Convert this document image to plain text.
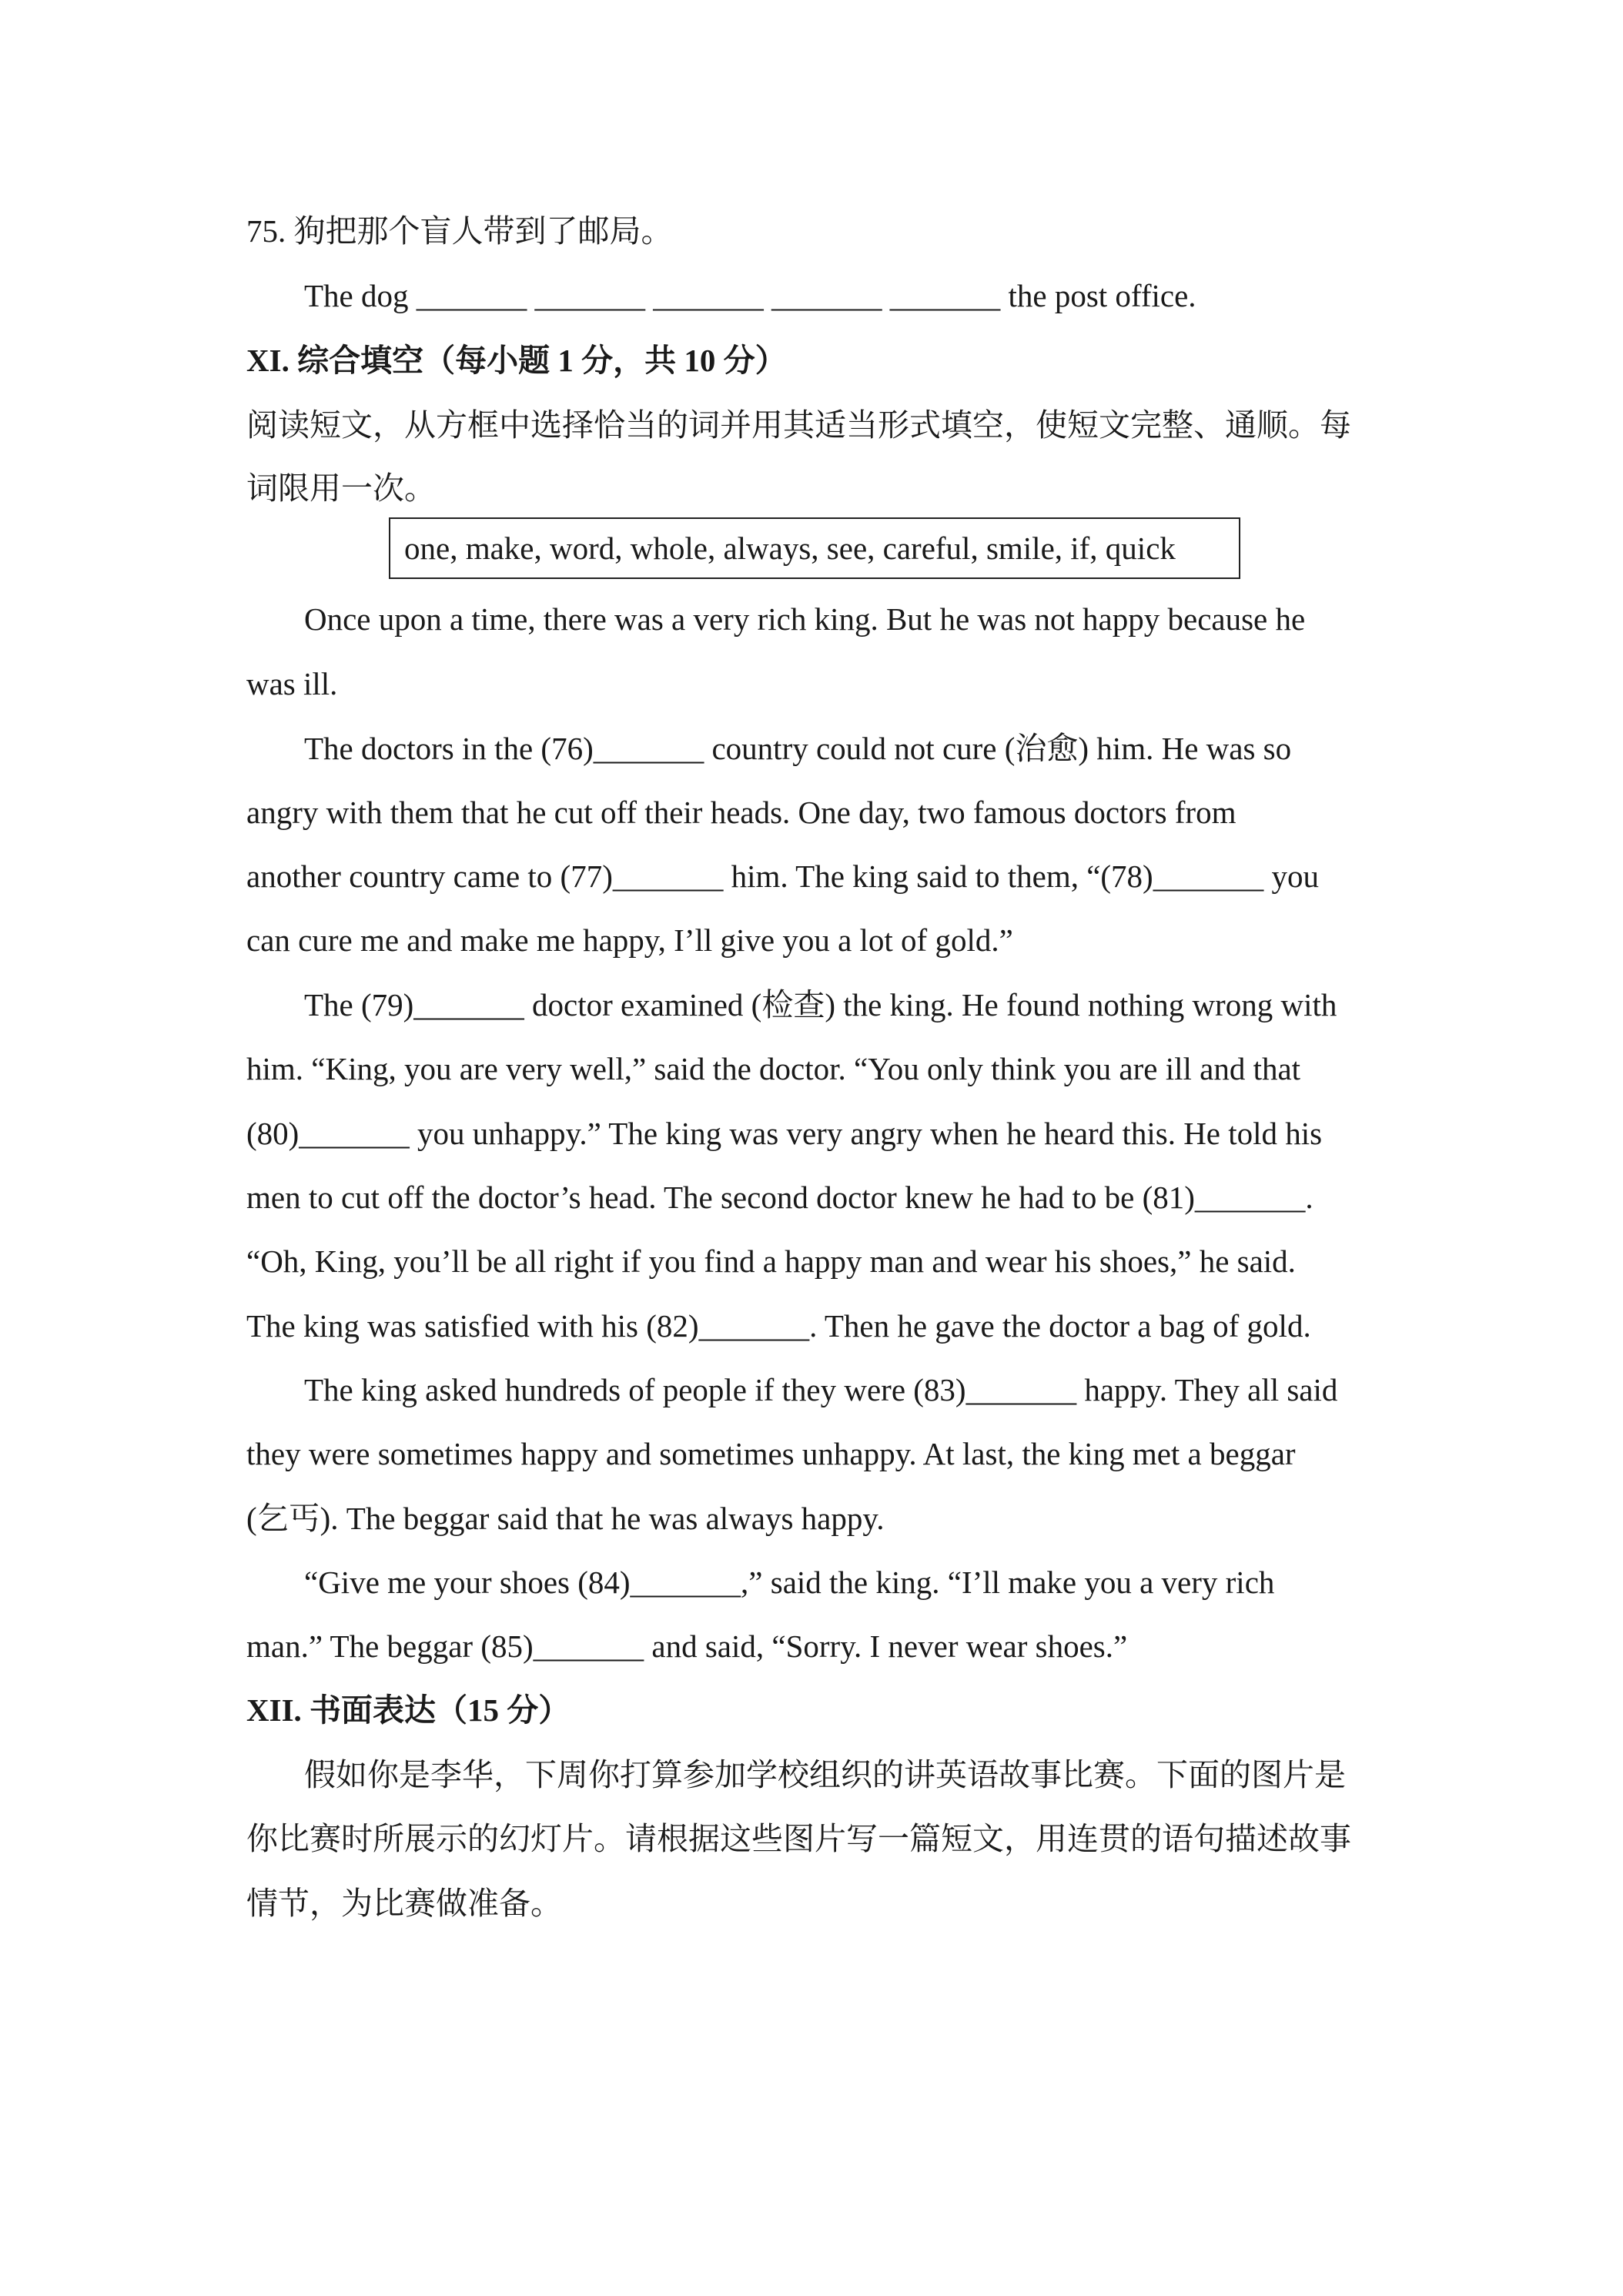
75. 狗把那个盲人带到了邮局。
The dog _______ _______ _______ _______ _______ the post office.
XI. 综合填空（每小题 1 分，共 10 分）
阅读短文，从方框中选择恰当的词并用其适当形式填空，使短文完整、通顺。每
词限用一次。
one, make, word, whole, always, see, careful, smile, if, quick
Once upon a time, there was a very rich king. But he was not happy because he
was ill.
The doctors in the (76)_______ country could not cure (治愈) him. He was so
angry with them that he cut off their heads. One day, two famous doctors from
another country came to (77)_______ him. The king said to them, “(78)_______ you
can cure me and make me happy, I’ll give you a lot of gold.”
The (79)_______ doctor examined (检查) the king. He found nothing wrong with
him. “King, you are very well,” said the doctor. “You only think you are ill and that
(80)_______ you unhappy.” The king was very angry when he heard this. He told his
men to cut off the doctor’s head. The second doctor knew he had to be (81)_______.
“Oh, King, you’ll be all right if you find a happy man and wear his shoes,” he said.
The king was satisfied with his (82)_______. Then he gave the doctor a bag of gold.
The king asked hundreds of people if they were (83)_______ happy. They all said
they were sometimes happy and sometimes unhappy. At last, the king met a beggar
(乞丐). The beggar said that he was always happy.
“Give me your shoes (84)_______,” said the king. “I’ll make you a very rich
man.” The beggar (85)_______ and said, “Sorry. I never wear shoes.”
XII. 书面表达（15 分）
假如你是李华，下周你打算参加学校组织的讲英语故事比赛。下面的图片是
你比赛时所展示的幻灯片。请根据这些图片写一篇短文，用连贯的语句描述故事
情节，为比赛做准备。
